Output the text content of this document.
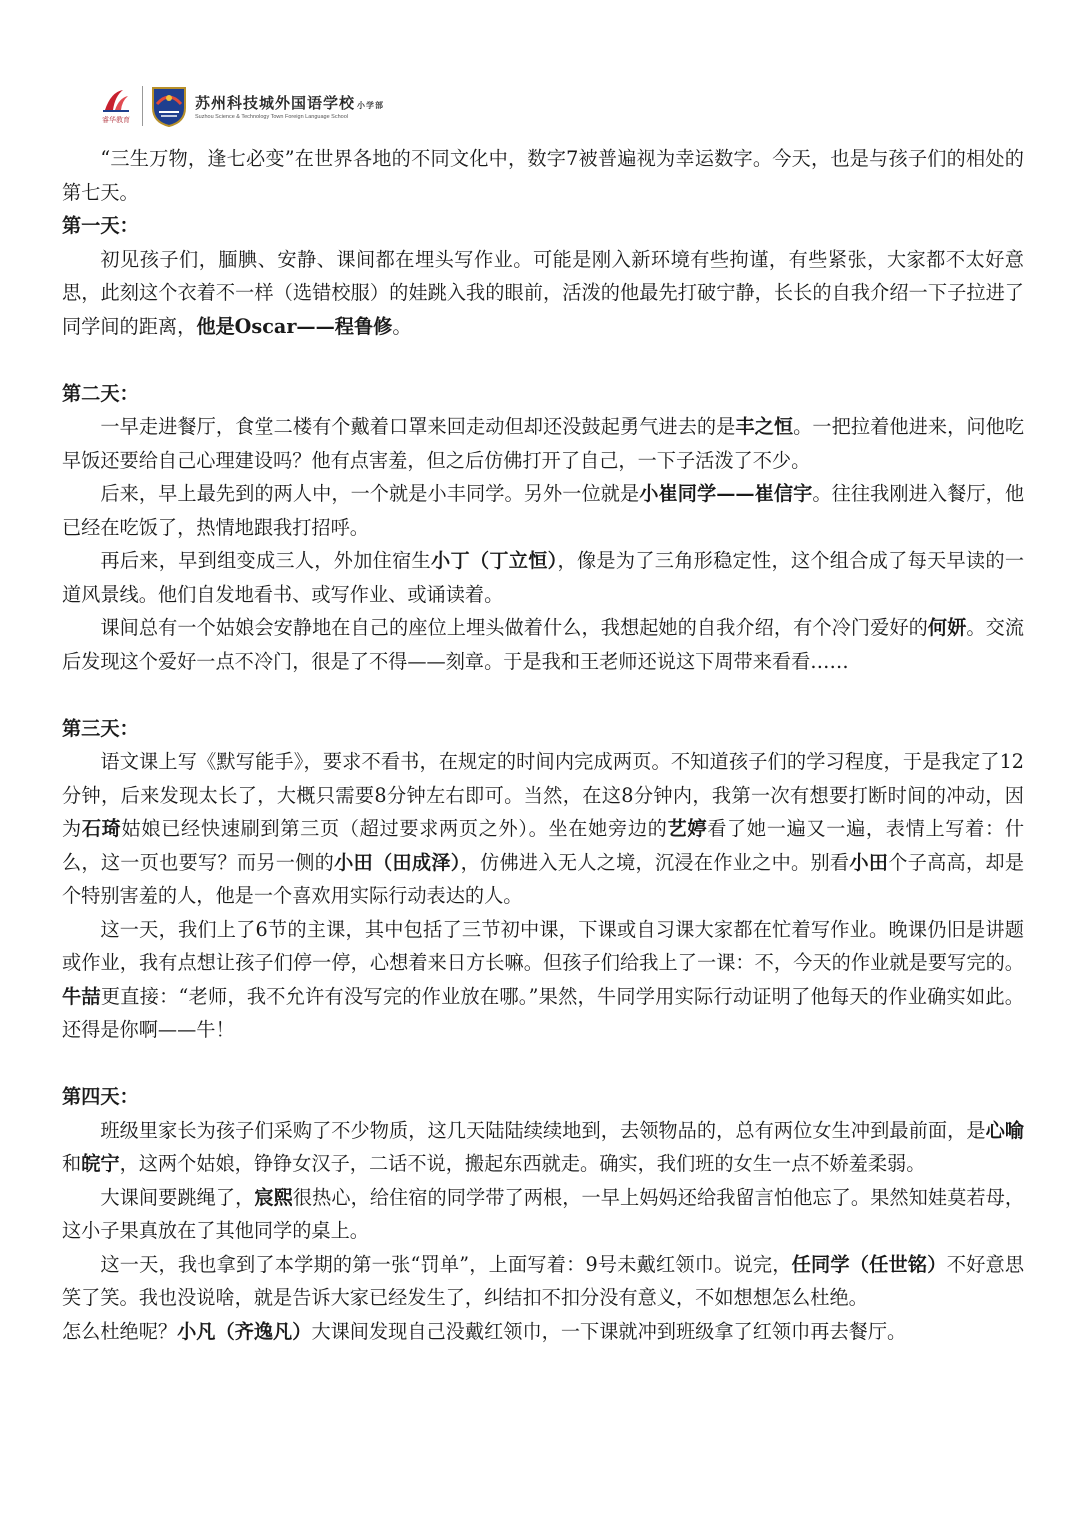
睿华教育
苏州科技城外国语学校 小学部
Suzhou Science & Technology Town Foreign Language School

“三生万物，逢七必变”在世界各地的不同文化中，数字7被普遍视为幸运数字。今天，也是与孩子们的相处的第七天。

第一天：

初见孩子们，腼腆、安静、课间都在埋头写作业。可能是刚入新环境有些拘谨，有些紧张，大家都不太好意思，此刻这个衣着不一样（选错校服）的娃跳入我的眼前，活泼的他最先打破宁静，长长的自我介绍一下子拉进了同学间的距离，他是Oscar——程鲁修。

第二天：

一早走进餐厅，食堂二楼有个戴着口罩来回走动但却还没鼓起勇气进去的是丰之恒。一把拉着他进来，问他吃早饭还要给自己心理建设吗？他有点害羞，但之后仿佛打开了自己，一下子活泼了不少。

后来，早上最先到的两人中，一个就是小丰同学。另外一位就是小崔同学——崔信宇。往往我刚进入餐厅，他已经在吃饭了，热情地跟我打招呼。

再后来，早到组变成三人，外加住宿生小丁（丁立恒），像是为了三角形稳定性，这个组合成了每天早读的一道风景线。他们自发地看书、或写作业、或诵读着。

课间总有一个姑娘会安静地在自己的座位上埋头做着什么，我想起她的自我介绍，有个冷门爱好的何妍。交流后发现这个爱好一点不冷门，很是了不得——刻章。于是我和王老师还说这下周带来看看……

第三天：

语文课上写《默写能手》，要求不看书，在规定的时间内完成两页。不知道孩子们的学习程度，于是我定了12分钟，后来发现太长了，大概只需要8分钟左右即可。当然，在这8分钟内，我第一次有想要打断时间的冲动，因为石琦姑娘已经快速刷到第三页（超过要求两页之外）。坐在她旁边的艺婷看了她一遍又一遍，表情上写着：什么，这一页也要写？而另一侧的小田（田成泽），仿佛进入无人之境，沉浸在作业之中。别看小田个子高高，却是个特别害羞的人，他是一个喜欢用实际行动表达的人。

这一天，我们上了6节的主课，其中包括了三节初中课，下课或自习课大家都在忙着写作业。晚课仍旧是讲题或作业，我有点想让孩子们停一停，心想着来日方长嘛。但孩子们给我上了一课：不，今天的作业就是要写完的。牛喆更直接：“老师，我不允许有没写完的作业放在哪。”果然，牛同学用实际行动证明了他每天的作业确实如此。还得是你啊——牛！

第四天：

班级里家长为孩子们采购了不少物质，这几天陆陆续续地到，去领物品的，总有两位女生冲到最前面，是心喻和皖宁，这两个姑娘，铮铮女汉子，二话不说，搬起东西就走。确实，我们班的女生一点不娇羞柔弱。

大课间要跳绳了，宸熙很热心，给住宿的同学带了两根，一早上妈妈还给我留言怕他忘了。果然知娃莫若母，这小子果真放在了其他同学的桌上。

这一天，我也拿到了本学期的第一张“罚单”，上面写着：9号未戴红领巾。说完，任同学（任世铭）不好意思笑了笑。我也没说啥，就是告诉大家已经发生了，纠结扣不扣分没有意义，不如想想怎么杜绝。

怎么杜绝呢？小凡（齐逸凡）大课间发现自己没戴红领巾，一下课就冲到班级拿了红领巾再去餐厅。
